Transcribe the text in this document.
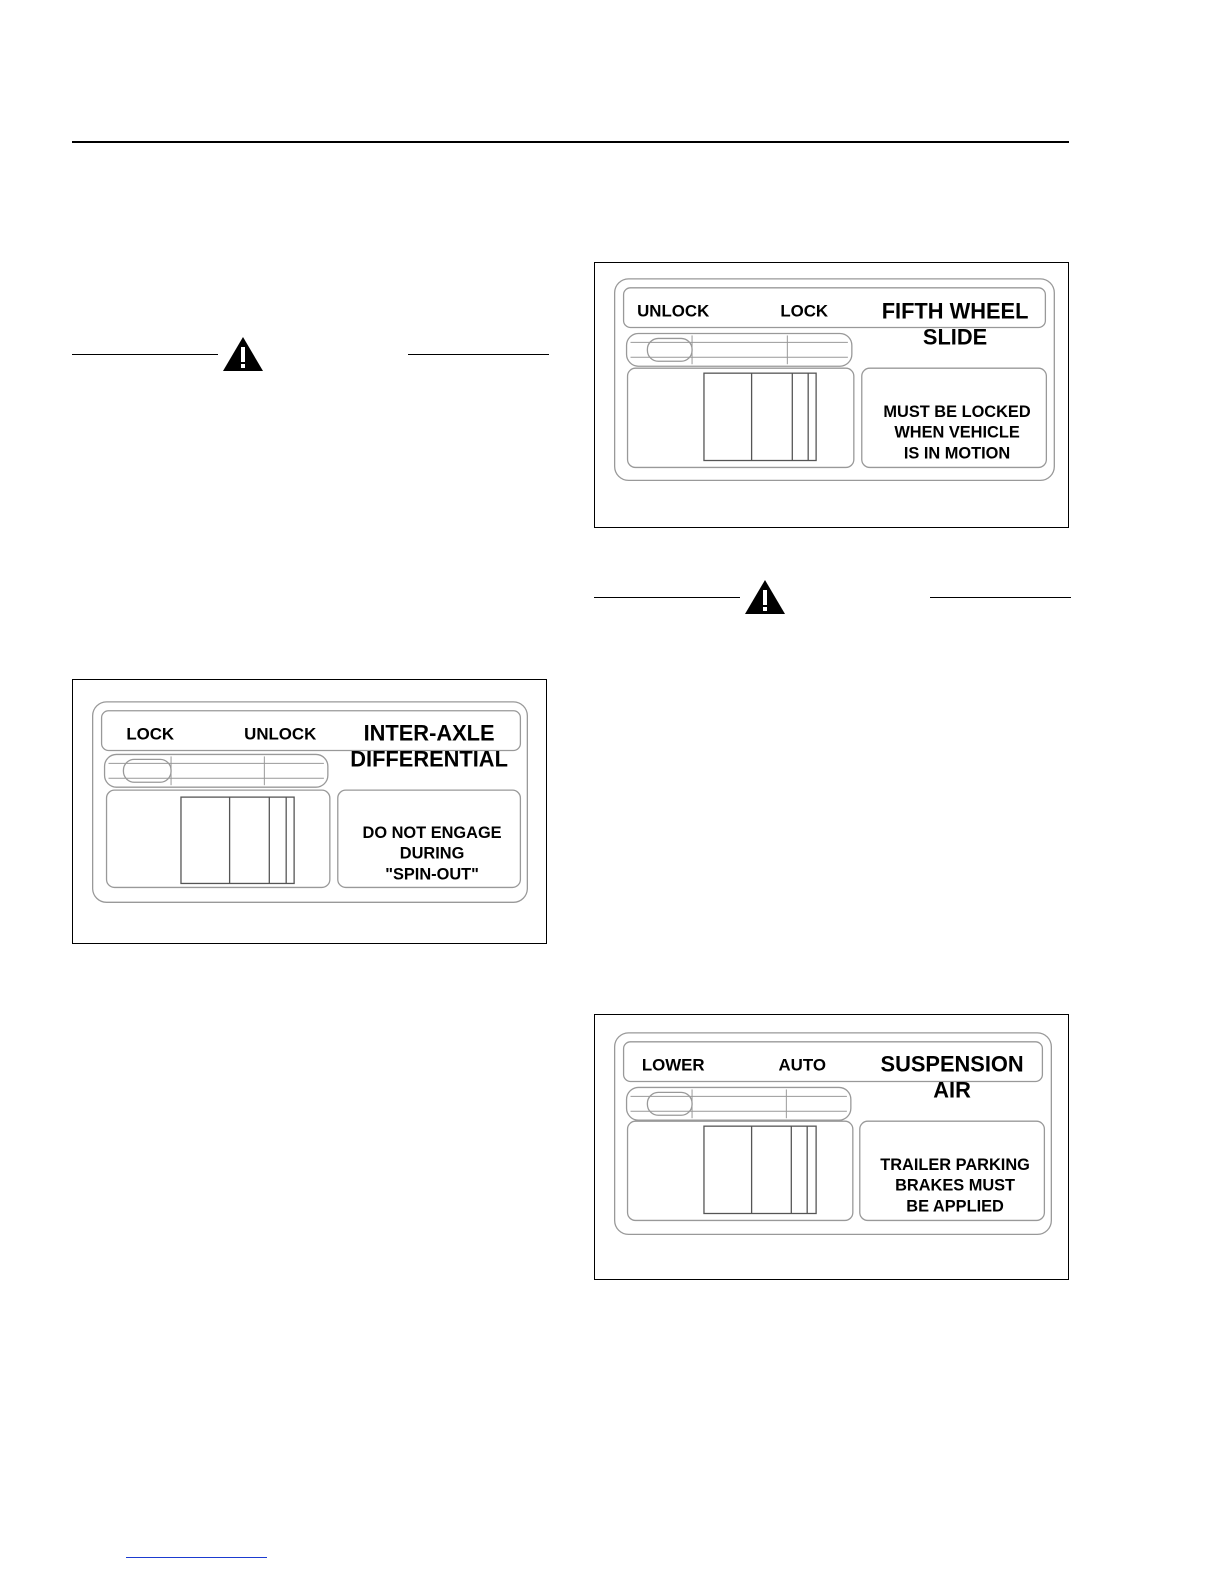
LOCK	UNLOCK INTER-AXLE
DIFFERENTIAL
DO NOT ENGAGE
DURING
"SPIN-OUT"
UNLOCK	LOCK FIFTH WHEEL
SLIDE
MUST BE LOCKED
WHEN VEHICLE
IS IN MOTION
LOWER	AUTO SUSPENSION
AIR
TRAILER PARKING
BRAKES MUST
BE APPLIED
